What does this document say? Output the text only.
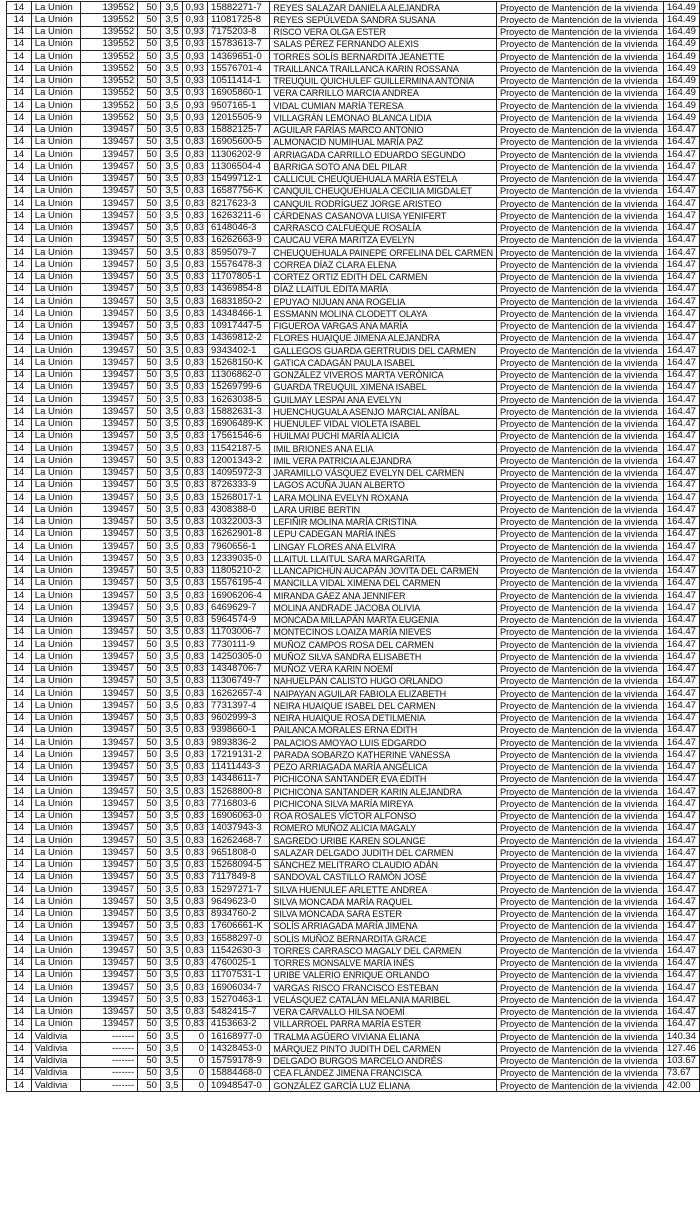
14	La Unión	139552	50	3,5	0,93	15882271-7	REYES SALAZAR DANIELA ALEJANDRA	Proyecto de Mantención de la vivienda	164.49
14	La Unión	139552	50	3,5	0,93	11081725-8	REYES SEPÚLVEDA SANDRA SUSANA	Proyecto de Mantención de la vivienda	164.49
14	La Unión	139552	50	3,5	0,93	7175203-8	RISCO VERA OLGA ESTER	Proyecto de Mantención de la vivienda	164.49
14	La Unión	139552	50	3,5	0,93	15783613-7	SALAS PÉREZ FERNANDO ALEXIS	Proyecto de Mantención de la vivienda	164.49
14	La Unión	139552	50	3,5	0,93	14369651-0	TORRES SOLÍS BERNARDITA JEANETTE	Proyecto de Mantención de la vivienda	164.49
14	La Unión	139552	50	3,5	0,93	15576701-4	TRAILLANCA TRAILLANCA KARIN ROSSANA	Proyecto de Mantención de la vivienda	164.49
14	La Unión	139552	50	3,5	0,93	10511414-1	TREUQUIL QUICHULEF GUILLERMINA ANTONIA	Proyecto de Mantención de la vivienda	164.49
14	La Unión	139552	50	3,5	0,93	16905860-1	VERA CARRILLO MARCIA ANDREA	Proyecto de Mantención de la vivienda	164.49
14	La Unión	139552	50	3,5	0,93	9507165-1	VIDAL CUMIAN MARÍA TERESA	Proyecto de Mantención de la vivienda	164.49
14	La Unión	139552	50	3,5	0,93	12015505-9	VILLAGRÁN LEMONAO BLANCA LIDIA	Proyecto de Mantención de la vivienda	164.49
14	La Unión	139457	50	3,5	0,83	15882125-7	AGUILAR FARÍAS MARCO ANTONIO	Proyecto de Mantención de la vivienda	164.47
14	La Unión	139457	50	3,5	0,83	16905600-5	ALMONACID NUMIHUAL MARÍA PAZ	Proyecto de Mantención de la vivienda	164.47
14	La Unión	139457	50	3,5	0,83	11306202-9	ARRIAGADA CARRILLO EDUARDO SEGUNDO	Proyecto de Mantención de la vivienda	164.47
14	La Unión	139457	50	3,5	0,83	11306504-4	BARRIGA SOTO ANA DEL PILAR	Proyecto de Mantención de la vivienda	164.47
14	La Unión	139457	50	3,5	0,83	15499712-1	CALLICUL CHEUQUEHUALA MARÍA ESTELA	Proyecto de Mantención de la vivienda	164.47
14	La Unión	139457	50	3,5	0,83	16587756-K	CANQUIL CHEUQUEHUALA CECILIA MIGDALET	Proyecto de Mantención de la vivienda	164.47
14	La Unión	139457	50	3,5	0,83	8217623-3	CANQUIL RODRÍGUEZ JORGE ARISTEO	Proyecto de Mantención de la vivienda	164.47
14	La Unión	139457	50	3,5	0,83	16263211-6	CÁRDENAS CASANOVA LUISA YENIFERT	Proyecto de Mantención de la vivienda	164.47
14	La Unión	139457	50	3,5	0,83	6148046-3	CARRASCO CALFUEQUE ROSALÍA	Proyecto de Mantención de la vivienda	164.47
14	La Unión	139457	50	3,5	0,83	16262663-9	CAUCAU VERA MARITZA EVELYN	Proyecto de Mantención de la vivienda	164.47
14	La Unión	139457	50	3,5	0,83	8595079-7	CHEUQUEHUALA PAINEPE ORFELINA DEL CARMEN	Proyecto de Mantención de la vivienda	164.47
14	La Unión	139457	50	3,5	0,83	15576478-3	CORREA DÍAZ CLARA ELENA	Proyecto de Mantención de la vivienda	164.47
14	La Unión	139457	50	3,5	0,83	11707805-1	CORTEZ ORTIZ EDITH DEL CARMEN	Proyecto de Mantención de la vivienda	164.47
14	La Unión	139457	50	3,5	0,83	14369854-8	DÍAZ LLAITUL EDITA MARÍA	Proyecto de Mantención de la vivienda	164.47
14	La Unión	139457	50	3,5	0,83	16831850-2	EPUYAO NIJUAN ANA ROGELIA	Proyecto de Mantención de la vivienda	164.47
14	La Unión	139457	50	3,5	0,83	14348466-1	ESSMANN MOLINA CLODETT OLAYA	Proyecto de Mantención de la vivienda	164.47
14	La Unión	139457	50	3,5	0,83	10917447-5	FIGUEROA VARGAS ANA MARÍA	Proyecto de Mantención de la vivienda	164.47
14	La Unión	139457	50	3,5	0,83	14369812-2	FLORES HUAIQUE JIMENA ALEJANDRA	Proyecto de Mantención de la vivienda	164.47
14	La Unión	139457	50	3,5	0,83	9343402-1	GALLEGOS GUARDA GERTRUDIS DEL CARMEN	Proyecto de Mantención de la vivienda	164.47
14	La Unión	139457	50	3,5	0,83	15268150-K	GATICA CADAGÁN PAULA ISABEL	Proyecto de Mantención de la vivienda	164.47
14	La Unión	139457	50	3,5	0,83	11306862-0	GONZÁLEZ VIVEROS MARTA VERÓNICA	Proyecto de Mantención de la vivienda	164.47
14	La Unión	139457	50	3,5	0,83	15269799-6	GUARDA TREUQUIL XIMENA ISABEL	Proyecto de Mantención de la vivienda	164.47
14	La Unión	139457	50	3,5	0,83	16263038-5	GUILMAY LESPAI ANA EVELYN	Proyecto de Mantención de la vivienda	164.47
14	La Unión	139457	50	3,5	0,83	15882631-3	HUENCHUGUALA ASENJO MARCIAL ANÍBAL	Proyecto de Mantención de la vivienda	164.47
14	La Unión	139457	50	3,5	0,83	16906489-K	HUENULEF VIDAL VIOLETA ISABEL	Proyecto de Mantención de la vivienda	164.47
14	La Unión	139457	50	3,5	0,83	17561546-6	HUILMAI PUCHI MARÍA ALICIA	Proyecto de Mantención de la vivienda	164.47
14	La Unión	139457	50	3,5	0,83	11542187-5	IMIL BRIONES ANA ELIA	Proyecto de Mantención de la vivienda	164.47
14	La Unión	139457	50	3,5	0,83	12001343-2	IMIL VERA PATRICIA ALEJANDRA	Proyecto de Mantención de la vivienda	164.47
14	La Unión	139457	50	3,5	0,83	14095972-3	JARAMILLO VÁSQUEZ EVELYN DEL CARMEN	Proyecto de Mantención de la vivienda	164.47
14	La Unión	139457	50	3,5	0,83	8726333-9	LAGOS ACUÑA JUAN ALBERTO	Proyecto de Mantención de la vivienda	164.47
14	La Unión	139457	50	3,5	0,83	15268017-1	LARA MOLINA EVELYN ROXANA	Proyecto de Mantención de la vivienda	164.47
14	La Unión	139457	50	3,5	0,83	4308388-0	LARA URIBE BERTIN	Proyecto de Mantención de la vivienda	164.47
14	La Unión	139457	50	3,5	0,83	10322003-3	LEFIÑIR MOLINA MARÍA CRISTINA	Proyecto de Mantención de la vivienda	164.47
14	La Unión	139457	50	3,5	0,83	16262901-8	LEPU CADEGAN MARÍA INÉS	Proyecto de Mantención de la vivienda	164.47
14	La Unión	139457	50	3,5	0,83	7960656-1	LINGAY FLORES ANA ELVIRA	Proyecto de Mantención de la vivienda	164.47
14	La Unión	139457	50	3,5	0,83	12339035-0	LLAITUL LLAITUL SARA MARGARITA	Proyecto de Mantención de la vivienda	164.47
14	La Unión	139457	50	3,5	0,83	11805210-2	LLANCAPICHÚN AUCAPÁN JOVITA DEL CARMEN	Proyecto de Mantención de la vivienda	164.47
14	La Unión	139457	50	3,5	0,83	15576195-4	MANCILLA VIDAL XIMENA DEL CARMEN	Proyecto de Mantención de la vivienda	164.47
14	La Unión	139457	50	3,5	0,83	16906206-4	MIRANDA GÁEZ ANA JENNIFER	Proyecto de Mantención de la vivienda	164.47
14	La Unión	139457	50	3,5	0,83	6469629-7	MOLINA ANDRADE JACOBA OLIVIA	Proyecto de Mantención de la vivienda	164.47
14	La Unión	139457	50	3,5	0,83	5964574-9	MONCADA MILLAPÁN MARTA EUGENIA	Proyecto de Mantención de la vivienda	164.47
14	La Unión	139457	50	3,5	0,83	11703006-7	MONTECINOS LOAIZA MARÍA NIEVES	Proyecto de Mantención de la vivienda	164.47
14	La Unión	139457	50	3,5	0,83	7730111-9	MUÑOZ CAMPOS ROSA DEL CARMEN	Proyecto de Mantención de la vivienda	164.47
14	La Unión	139457	50	3,5	0,83	14250305-0	MUÑOZ SILVA SANDRA ELISABETH	Proyecto de Mantención de la vivienda	164.47
14	La Unión	139457	50	3,5	0,83	14348706-7	MUÑOZ VERA KARIN NOEMÍ	Proyecto de Mantención de la vivienda	164.47
14	La Unión	139457	50	3,5	0,83	11306749-7	NAHUELPÁN CALISTO HUGO ORLANDO	Proyecto de Mantención de la vivienda	164.47
14	La Unión	139457	50	3,5	0,83	16262657-4	NAIPAYAN AGUILAR FABIOLA ELIZABETH	Proyecto de Mantención de la vivienda	164.47
14	La Unión	139457	50	3,5	0,83	7731397-4	NEIRA HUAIQUE ISABEL DEL CARMEN	Proyecto de Mantención de la vivienda	164.47
14	La Unión	139457	50	3,5	0,83	9602999-3	NEIRA HUAIQUE ROSA DETILMENIA	Proyecto de Mantención de la vivienda	164.47
14	La Unión	139457	50	3,5	0,83	9398660-1	PAILANCA MORALES ERNA EDITH	Proyecto de Mantención de la vivienda	164.47
14	La Unión	139457	50	3,5	0,83	9893836-2	PALACIOS AMOYAO LUIS EDGARDO	Proyecto de Mantención de la vivienda	164.47
14	La Unión	139457	50	3,5	0,83	17219131-2	PARADA SOBARZO KATHERINE VANESSA	Proyecto de Mantención de la vivienda	164.47
14	La Unión	139457	50	3,5	0,83	11411443-3	PEZO ARRIAGADA MARÍA ANGÉLICA	Proyecto de Mantención de la vivienda	164.47
14	La Unión	139457	50	3,5	0,83	14348611-7	PICHICONA SANTANDER EVA EDITH	Proyecto de Mantención de la vivienda	164.47
14	La Unión	139457	50	3,5	0,83	15268800-8	PICHICONA SANTANDER KARIN ALEJANDRA	Proyecto de Mantención de la vivienda	164.47
14	La Unión	139457	50	3,5	0,83	7716803-6	PICHICONA SILVA MARÍA MIREYA	Proyecto de Mantención de la vivienda	164.47
14	La Unión	139457	50	3,5	0,83	16906063-0	ROA ROSALES VÍCTOR ALFONSO	Proyecto de Mantención de la vivienda	164.47
14	La Unión	139457	50	3,5	0,83	14037943-3	ROMERO MUÑOZ ALICIA MAGALY	Proyecto de Mantención de la vivienda	164.47
14	La Unión	139457	50	3,5	0,83	16262468-7	SAGREDO URIBE KAREN SOLANGE	Proyecto de Mantención de la vivienda	164.47
14	La Unión	139457	50	3,5	0,83	9651808-0	SALAZAR DELGADO JUDITH DEL CARMEN	Proyecto de Mantención de la vivienda	164.47
14	La Unión	139457	50	3,5	0,83	15268094-5	SÁNCHEZ MELITRARO CLAUDIO ADÁN	Proyecto de Mantención de la vivienda	164.47
14	La Unión	139457	50	3,5	0,83	7117849-8	SANDOVAL CASTILLO RAMÓN JOSÉ	Proyecto de Mantención de la vivienda	164.47
14	La Unión	139457	50	3,5	0,83	15297271-7	SILVA HUENULEF ARLETTE ANDREA	Proyecto de Mantención de la vivienda	164.47
14	La Unión	139457	50	3,5	0,83	9649623-0	SILVA MONCADA MARÍA RAQUEL	Proyecto de Mantención de la vivienda	164.47
14	La Unión	139457	50	3,5	0,83	8934760-2	SILVA MONCADA SARA ESTER	Proyecto de Mantención de la vivienda	164.47
14	La Unión	139457	50	3,5	0,83	17606661-K	SOLÍS ARRIAGADA MARÍA JIMENA	Proyecto de Mantención de la vivienda	164.47
14	La Unión	139457	50	3,5	0,83	16588297-0	SOLÍS MUÑOZ BERNARDITA GRACE	Proyecto de Mantención de la vivienda	164.47
14	La Unión	139457	50	3,5	0,83	11542630-3	TORRES CARRASCO MAGALY DEL CARMEN	Proyecto de Mantención de la vivienda	164.47
14	La Unión	139457	50	3,5	0,83	4760025-1	TORRES MONSALVE MARÍA INÉS	Proyecto de Mantención de la vivienda	164.47
14	La Unión	139457	50	3,5	0,83	11707531-1	URIBE VALERIO ENRIQUE ORLANDO	Proyecto de Mantención de la vivienda	164.47
14	La Unión	139457	50	3,5	0,83	16906034-7	VARGAS RISCO FRANCISCO ESTEBAN	Proyecto de Mantención de la vivienda	164.47
14	La Unión	139457	50	3,5	0,83	15270463-1	VELÁSQUEZ CATALÁN MELANIA MARIBEL	Proyecto de Mantención de la vivienda	164.47
14	La Unión	139457	50	3,5	0,83	5482415-7	VERA CARVALLO HILSA NOEMÍ	Proyecto de Mantención de la vivienda	164.47
14	La Unión	139457	50	3,5	0,83	4153663-2	VILLARROEL PARRA MARÍA ESTER	Proyecto de Mantención de la vivienda	164.47
14	Valdivia	-------	50	3,5	0	16168977-0	TRALMA AGÜERO VIVIANA ELIANA	Proyecto de Mantención de la vivienda	140.34
14	Valdivia	-------	50	3,5	0	14328453-0	MÁRQUEZ PINTO JUDITH DEL CARMEN	Proyecto de Mantención de la vivienda	127.46
14	Valdivia	-------	50	3,5	0	15759178-9	DELGADO BURGOS MARCELO ANDRÉS	Proyecto de Mantención de la vivienda	103.67
14	Valdivia	-------	50	3,5	0	15884468-0	CEA FLÁNDEZ JIMENA FRANCISCA	Proyecto de Mantención de la vivienda	73.67
14	Valdivia	-------	50	3,5	0	10948547-0	GONZÁLEZ GARCÍA LUZ ELIANA	Proyecto de Mantención de la vivienda	42.00
